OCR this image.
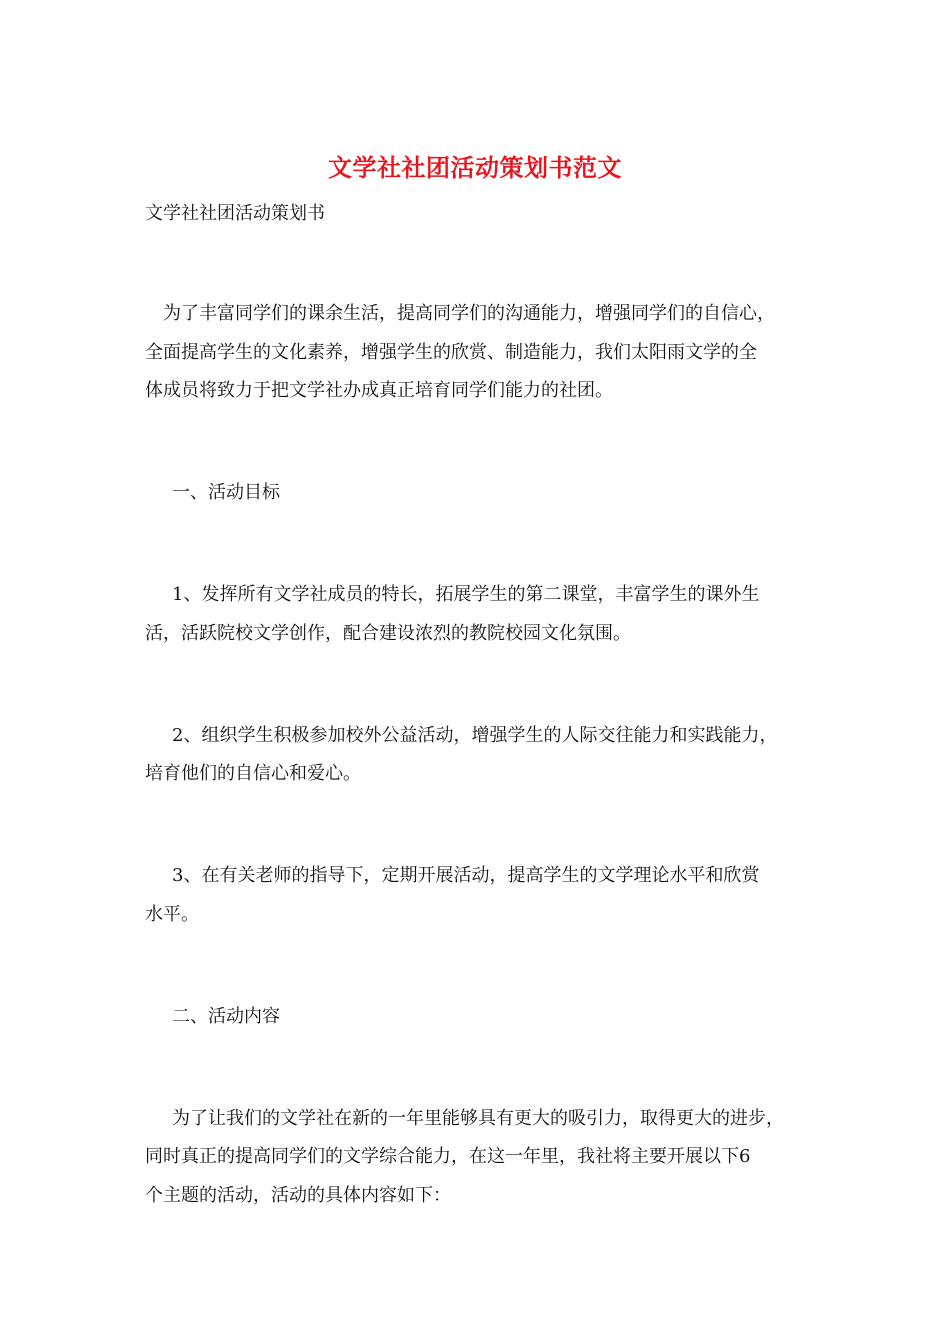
文学社社团活动策划书范文
文学社社团活动策划书
为了丰富同学们的课余生活，提高同学们的沟通能力，增强同学们的自信心，
全面提高学生的文化素养，增强学生的欣赏、制造能力，我们太阳雨文学的全
体成员将致力于把文学社办成真正培育同学们能力的社团。
一、活动目标
1、发挥所有文学社成员的特长，拓展学生的第二课堂，丰富学生的课外生
活，活跃院校文学创作，配合建设浓烈的教院校园文化氛围。
2、组织学生积极参加校外公益活动，增强学生的人际交往能力和实践能力，
培育他们的自信心和爱心。
3、在有关老师的指导下，定期开展活动，提高学生的文学理论水平和欣赏
水平。
二、活动内容
为了让我们的文学社在新的一年里能够具有更大的吸引力，取得更大的进步，
同时真正的提高同学们的文学综合能力，在这一年里，我社将主要开展以下6
个主题的活动，活动的具体内容如下：
